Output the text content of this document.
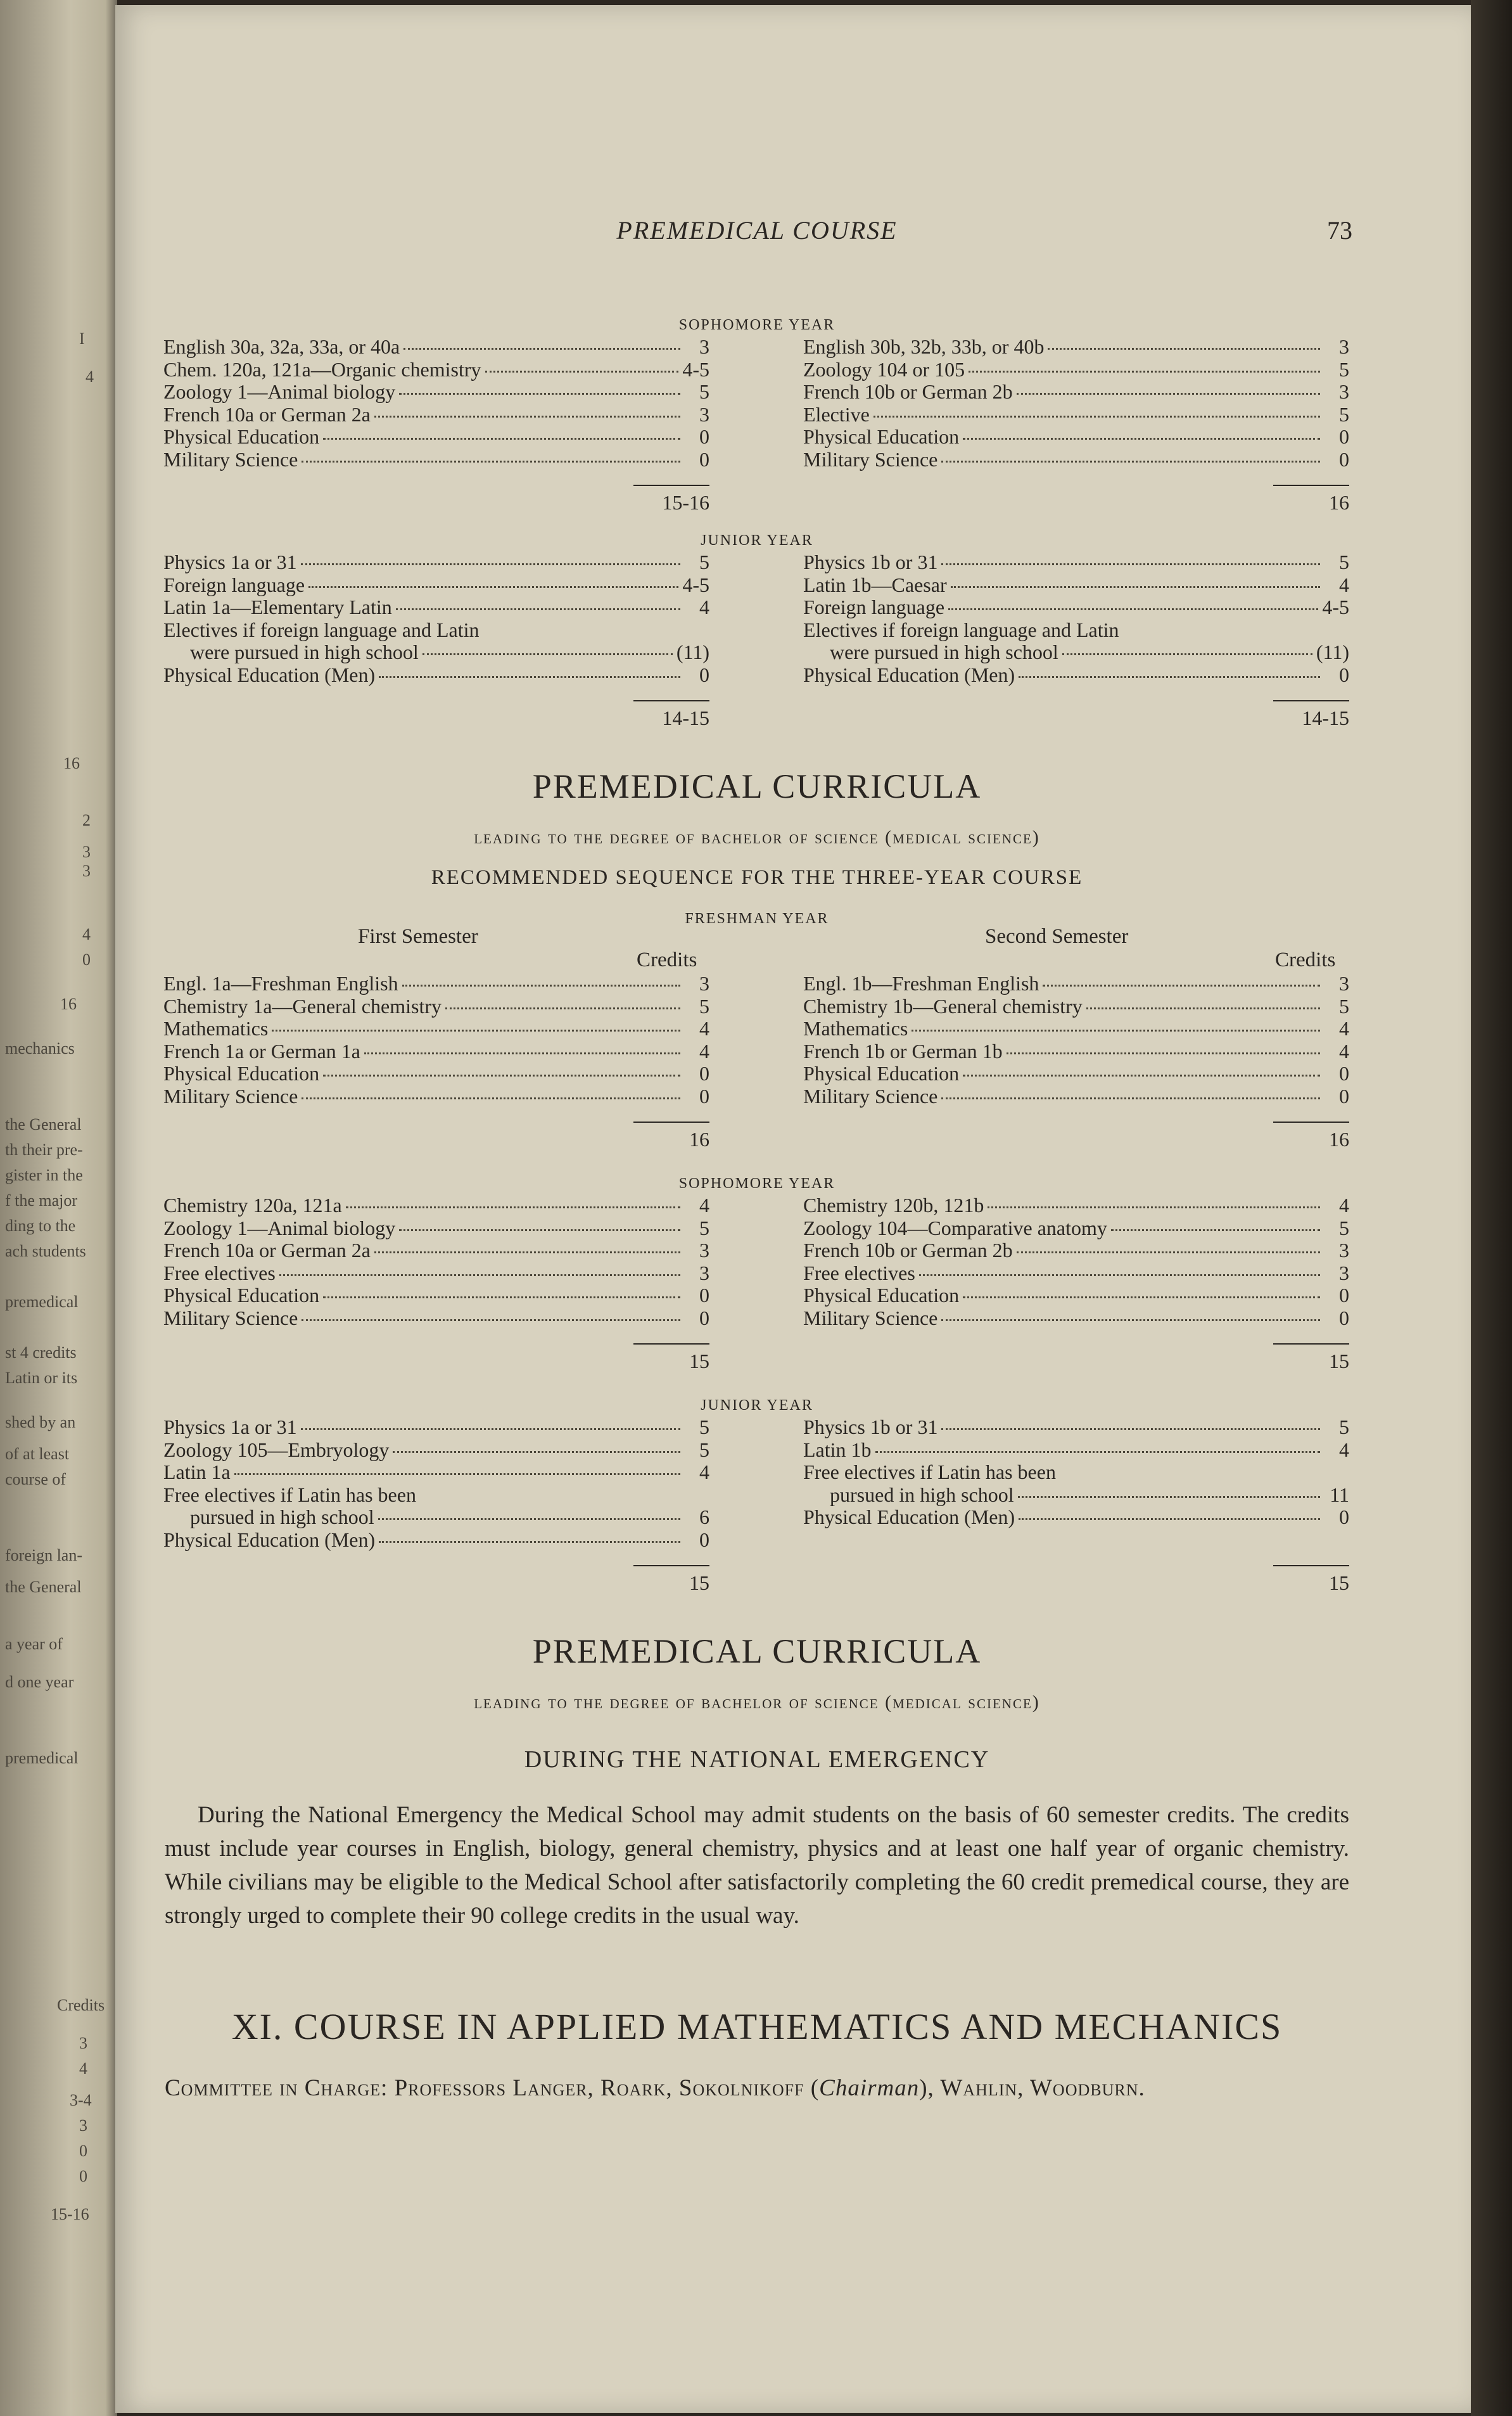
I
4
16
2
3
3
4
0
16
mechanics
the General
th their pre-
gister in the
f the major
ding to the
ach students
premedical
st 4 credits
Latin or its
shed by an
of at least
course of
foreign lan-
the General
a year of
d one year
premedical
Credits
3
4
3-4
3
0
0
15-16
PREMEDICAL COURSE	73
SOPHOMORE YEAR
English 30a, 32a, 33a, or 40a	3
Chem. 120a, 121a—Organic chemistry	4-5
Zoology 1—Animal biology	5
French 10a or German 2a	3
Physical Education	0
Military Science	0
English 30b, 32b, 33b, or 40b	3
Zoology 104 or 105	5
French 10b or German 2b	3
Elective	5
Physical Education	0
Military Science	0
15-16	16
JUNIOR YEAR
Physics 1a or 31	5
Foreign language	4-5
Latin 1a—Elementary Latin	4
Electives if foreign language and Latin
were pursued in high school	(11)
Physical Education (Men)	0
Physics 1b or 31	5
Latin 1b—Caesar	4
Foreign language	4-5
Electives if foreign language and Latin
were pursued in high school	(11)
Physical Education (Men)	0
14-15	14-15
PREMEDICAL CURRICULA
leading to the degree of bachelor of science (medical science)
RECOMMENDED SEQUENCE FOR THE THREE-YEAR COURSE
FRESHMAN YEAR
First Semester	Second Semester
Credits	Credits
Engl. 1a—Freshman English	3
Chemistry 1a—General chemistry	5
Mathematics	4
French 1a or German 1a	4
Physical Education	0
Military Science	0
Engl. 1b—Freshman English	3
Chemistry 1b—General chemistry	5
Mathematics	4
French 1b or German 1b	4
Physical Education	0
Military Science	0
16	16
SOPHOMORE YEAR
Chemistry 120a, 121a	4
Zoology 1—Animal biology	5
French 10a or German 2a	3
Free electives	3
Physical Education	0
Military Science	0
Chemistry 120b, 121b	4
Zoology 104—Comparative anatomy	5
French 10b or German 2b	3
Free electives	3
Physical Education	0
Military Science	0
15	15
JUNIOR YEAR
Physics 1a or 31	5
Zoology 105—Embryology	5
Latin 1a	4
Free electives if Latin has been
pursued in high school	6
Physical Education (Men)	0
Physics 1b or 31	5
Latin 1b	4
Free electives if Latin has been
pursued in high school	11
Physical Education (Men)	0
15	15
PREMEDICAL CURRICULA
leading to the degree of bachelor of science (medical science)
DURING THE NATIONAL EMERGENCY
During the National Emergency the Medical School may admit students on the basis of 60 semester credits. The credits must include year courses in English, biology, general chemistry, physics and at least one half year of organic chemistry. While civilians may be eligible to the Medical School after satisfactorily completing the 60 credit premedical course, they are strongly urged to complete their 90 college credits in the usual way.
XI. COURSE IN APPLIED MATHEMATICS AND MECHANICS
Committee in Charge: Professors Langer, Roark, Sokolnikoff (Chairman), Wahlin, Woodburn.
